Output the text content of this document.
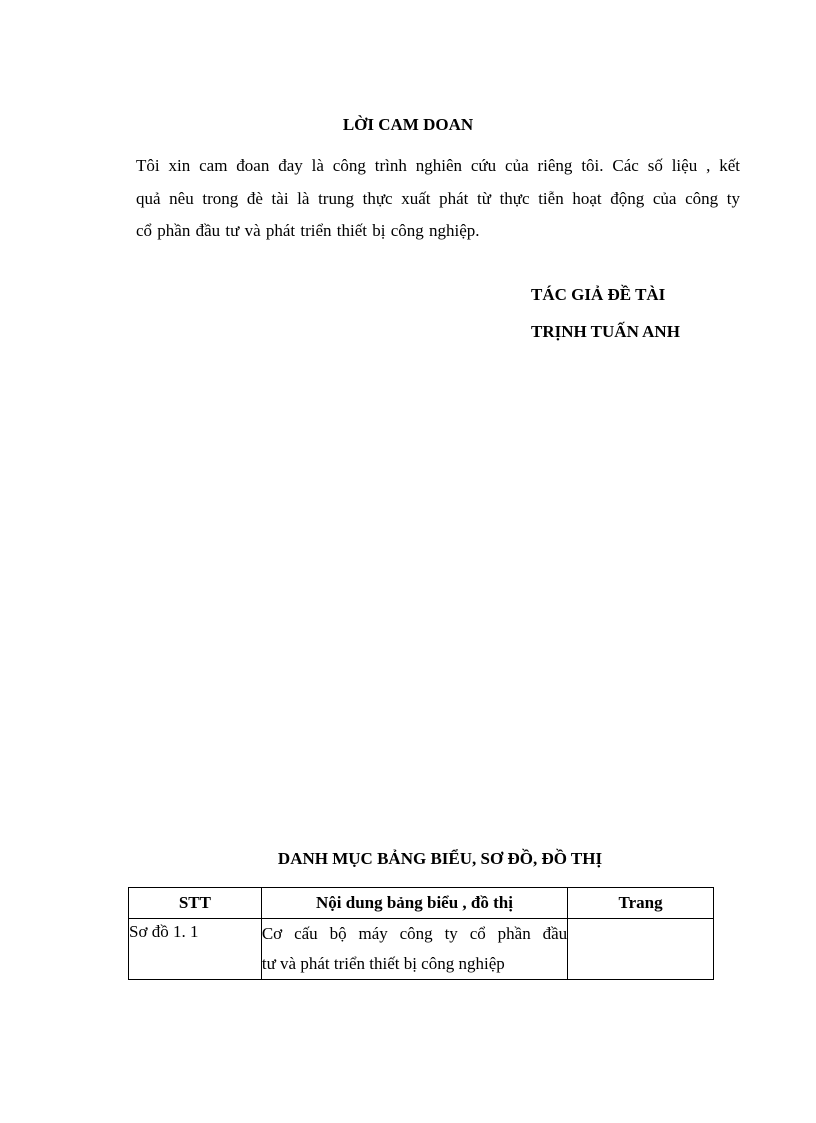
LỜI CAM DOAN
Tôi xin cam đoan đay là công trình nghiên cứu của riêng tôi. Các số liệu , kết
quả nêu trong đè tài là trung thực xuất phát từ thực tiễn hoạt động của công ty
cổ phần đầu tư và phát triển thiết bị công nghiệp.
TÁC GIẢ ĐỀ TÀI
TRỊNH TUẤN ANH
DANH MỤC BẢNG BIỂU, SƠ ĐỒ, ĐỒ THỊ
STT	Nội dung bảng biểu , đồ thị	Trang
Sơ đồ 1. 1	Cơ cấu bộ máy công ty cổ phần đầu
tư và phát triển thiết bị công nghiệp	
